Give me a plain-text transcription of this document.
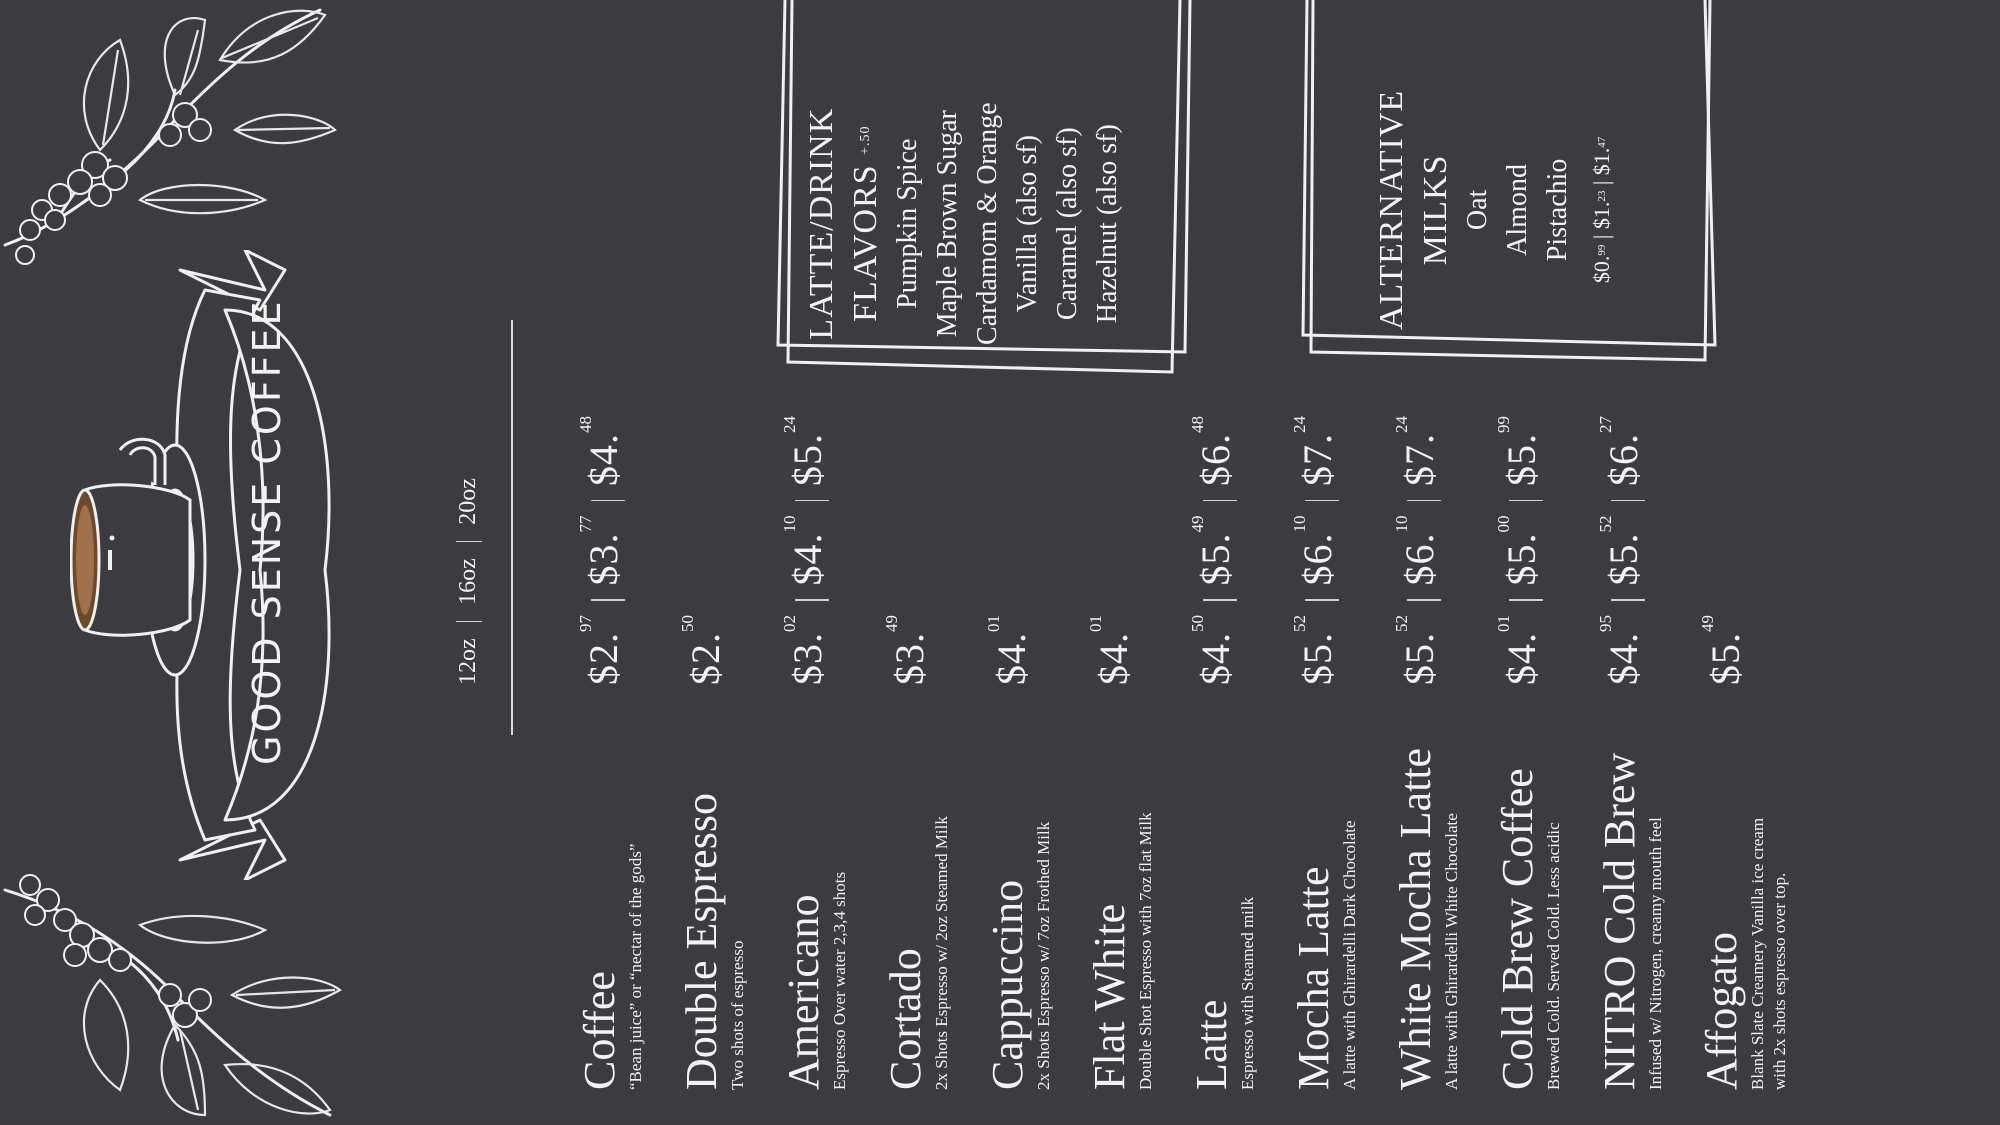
GOOD SENSE COFFEE	12oz16oz20oz
Coffee “Bean juice” or “nectar of the gods” Double Espresso Two shots of espresso Americano Espresso Over water 2,3,4 shots Cortado 2x Shots Espresso w/ 2oz Steamed Milk Cappuccino 2x Shots Espresso w/ 7oz Frothed Milk Flat White Double Shot Espresso with 7oz flat Milk Latte Espresso with Steamed milk Mocha Latte A latte with Ghirardelli Dark Chocolate White Mocha Latte A latte with Ghirardelli White Chocolate Cold Brew Coffee Brewed Cold. Served Cold. Less acidic NITRO Cold Brew Infused w/ Nitrogen, creamy mouth feel Affogato Blank Slate Creamery Vanilla ice cream with 2x shots espresso over top.
$2.97$3.77$4.48
$2.50
$3.02$4.10$5.24
$3.49
$4.01
$4.01
$4.50$5.49$6.48
$5.52$6.10$7.24
$5.52$6.10$7.24
$4.01$5.00$5.99
$4.95$5.52$6.27
$5.49
LATTE/DRINK FLAVORS $^{+.50}$ Pumpkin Spice Maple Brown Sugar Cardamom & Orange Vanilla (also sf) Caramel (also sf) Hazelnut (also sf)	ALTERNATIVE MILKS Oat Almond Pistachio
$0.99 | $1.23 | $1.47
